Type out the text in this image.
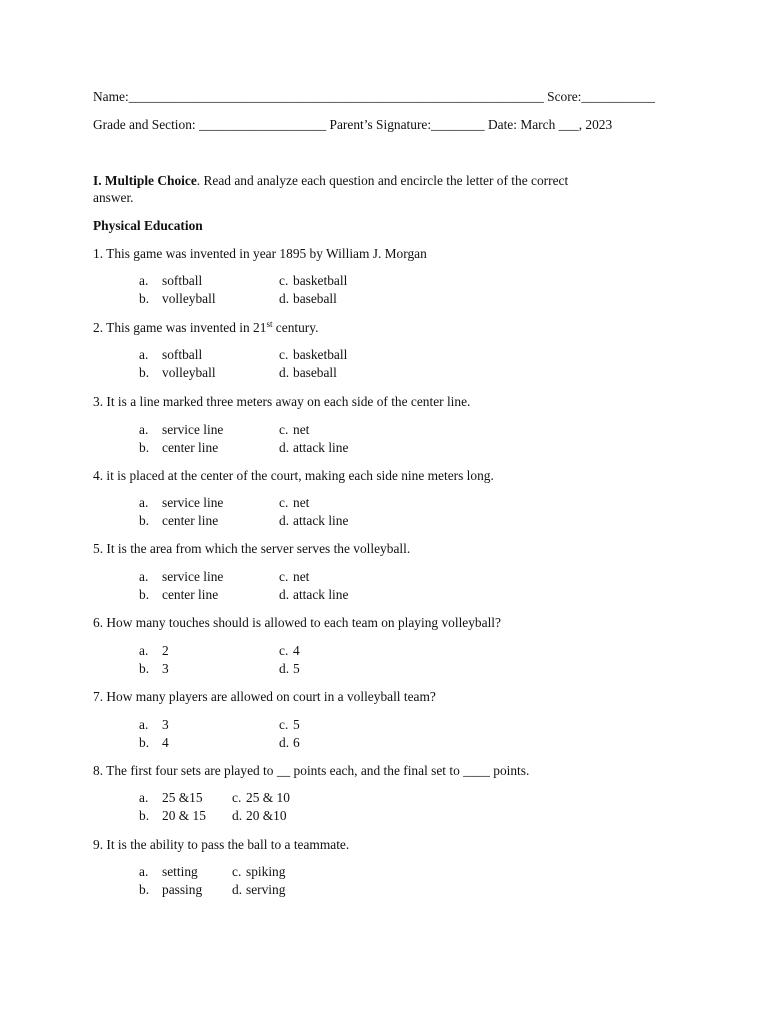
Name:______________________________________________________________ Score:___________
Grade and Section: ___________________ Parent’s Signature:________ Date: March ___, 2023
I. Multiple Choice. Read and analyze each question and encircle the letter of the correct
answer.
Physical Education
1. This game was invented in year 1895 by William J. Morgan
a. softball	c. basketball
b. volleyball	d. baseball
2. This game was invented in 21st century.
a. softball	c. basketball
b. volleyball	d. baseball
3. It is a line marked three meters away on each side of the center line.
a. service line	c. net
b. center line	d. attack line
4. it is placed at the center of the court, making each side nine meters long.
a. service line	c. net
b. center line	d. attack line
5. It is the area from which the server serves the volleyball.
a. service line	c. net
b. center line	d. attack line
6. How many touches should is allowed to each team on playing volleyball?
a. 2	c. 4
b. 3	d. 5
7. How many players are allowed on court in a volleyball team?
a. 3	c. 5
b. 4	d. 6
8. The first four sets are played to __ points each, and the final set to ____ points.
a. 25 &15 c. 25 & 10
b. 20 & 15 d. 20 &10
9. It is the ability to pass the ball to a teammate.
a. setting	c. spiking
b. passing d. serving
